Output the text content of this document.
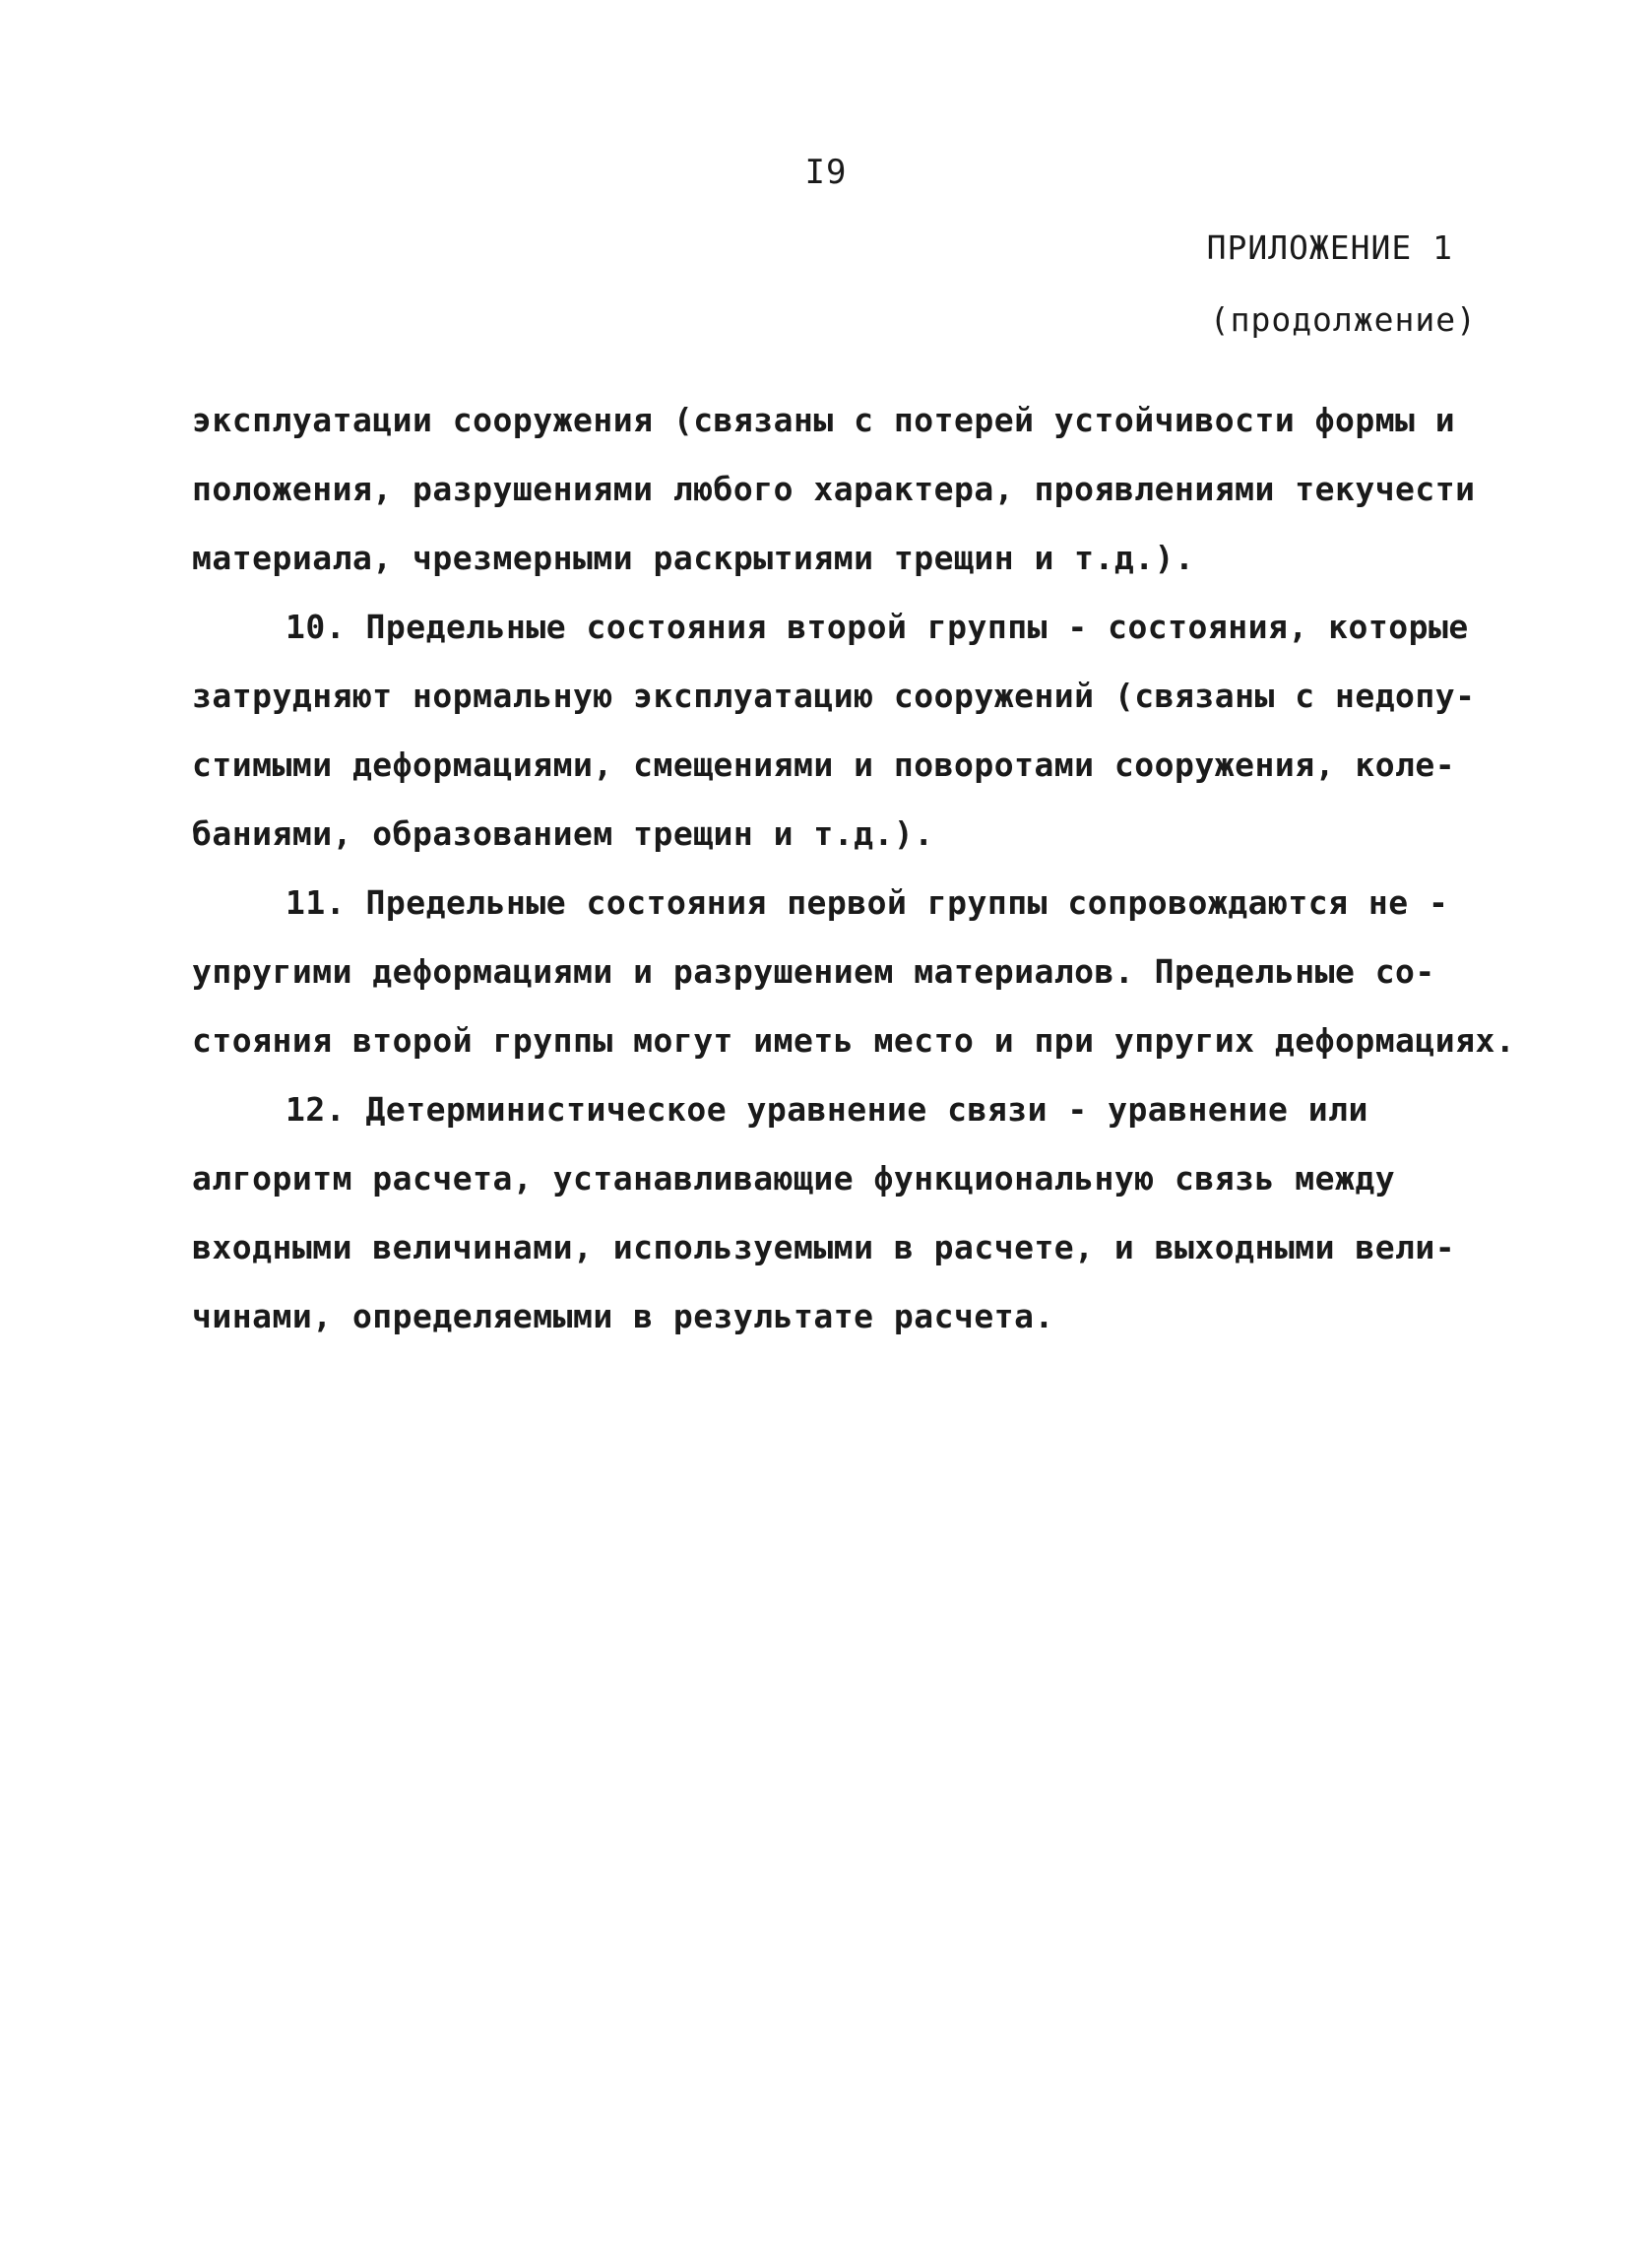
I9
ПРИЛОЖЕНИЕ 1
(продолжение)
эксплуатации сооружения (связаны с потерей устойчивости формы и
положения, разрушениями любого характера, проявлениями текучести
материала, чрезмерными раскрытиями трещин и т.д.).
10. Предельные состояния второй группы - состояния, которые
затрудняют нормальную эксплуатацию сооружений (связаны с недопу-
стимыми деформациями, смещениями и поворотами сооружения, коле-
баниями, образованием трещин и т.д.).
11. Предельные состояния первой группы сопровождаются не -
упругими деформациями и разрушением материалов. Предельные со-
стояния второй группы могут иметь место и при упругих деформациях.
12. Детерминистическое уравнение связи - уравнение или
алгоритм расчета, устанавливающие функциональную связь между
входными величинами, используемыми в расчете, и выходными вели-
чинами, определяемыми в результате расчета.
